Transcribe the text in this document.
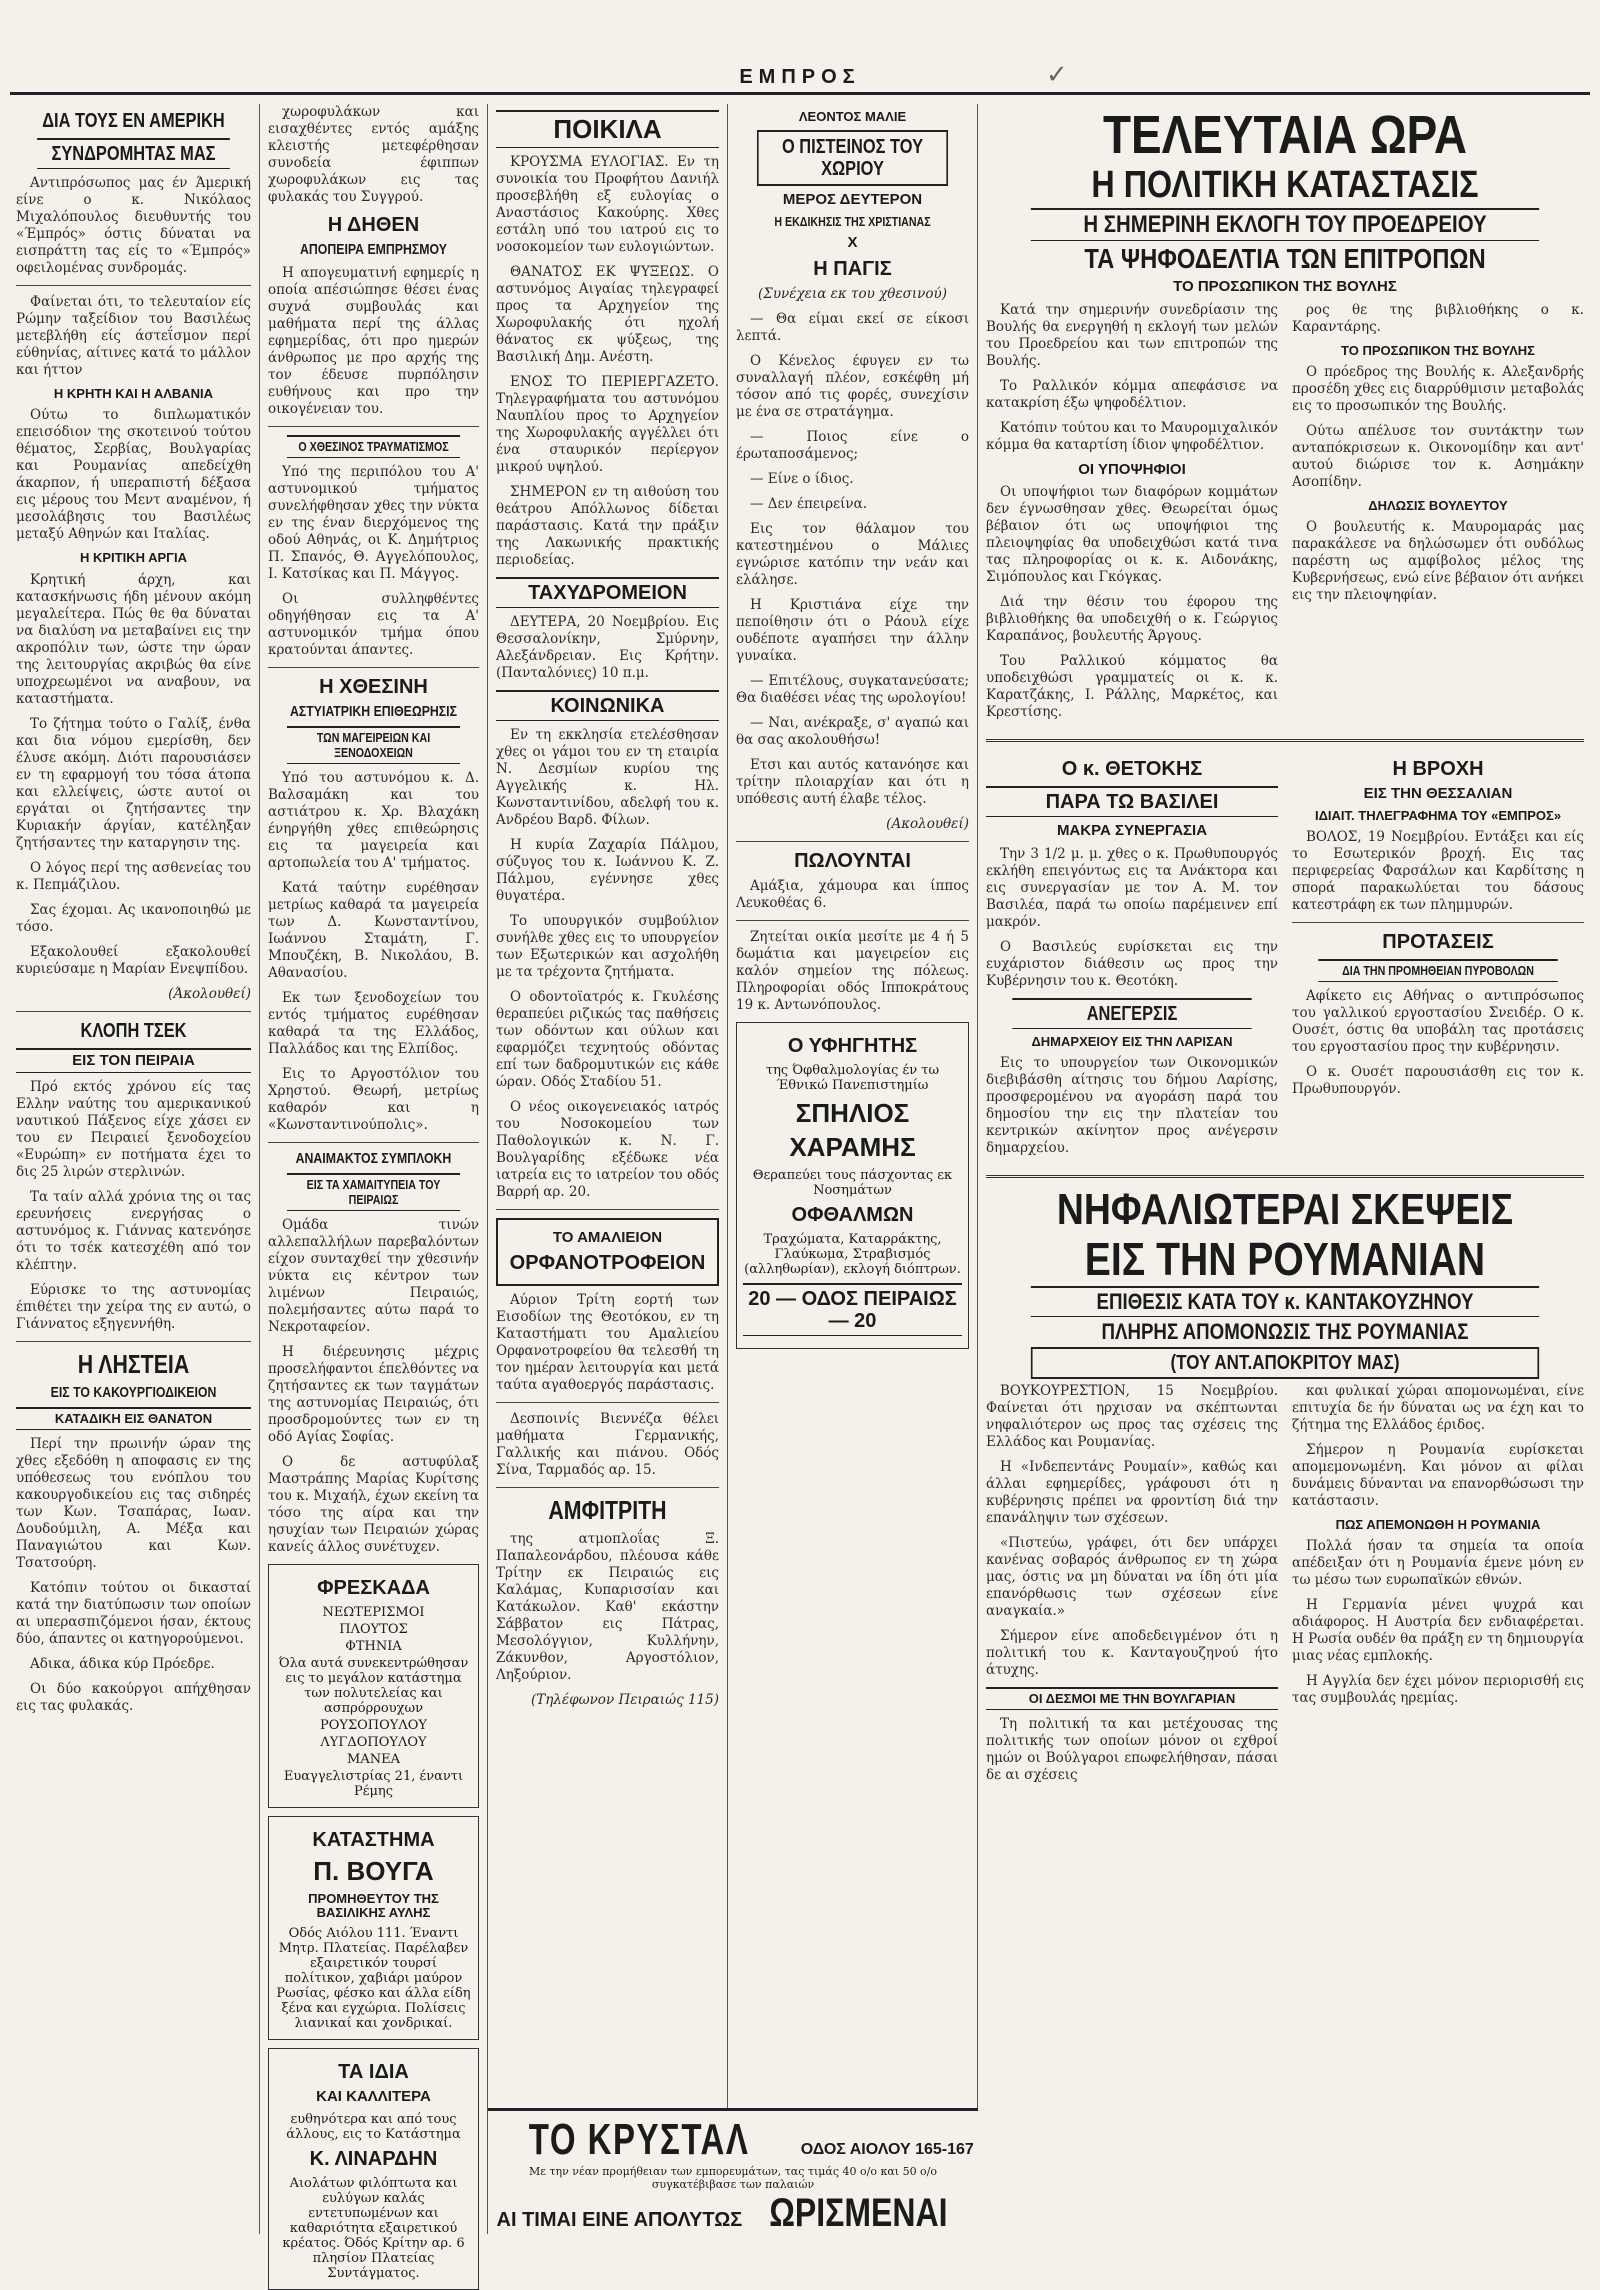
✓
ΕΜΠΡΟΣ
ΔΙΑ ΤΟΥΣ ΕΝ ΑΜΕΡΙΚΗ
ΣΥΝΔΡΟΜΗΤΑΣ ΜΑΣ

Αντιπρόσωπος μας έν Άμερική είνε ο κ. Νικόλαος Μιχαλόπουλος διευθυντής του «Έμπρός» όστις δύναται να εισπράττη τας είς το «Έμπρός» οφειλομένας συνδρομάς.

Φαίνεται ότι, το τελευταίον είς Ρώμην ταξείδιον του Βασιλέως μετεβλήθη είς άστεΐσμον περί εύθηνίας, αίτινες κατά το μάλλον και ήττον

Η ΚΡΗΤΗ ΚΑΙ Η ΑΛΒΑΝΙΑ

Ούτω το διπλωματικόν επεισόδιον της σκοτεινού τούτου θέματος, Σερβίας, Βουλγαρίας και Ρουμανίας απεδείχθη άκαρπον, ή υπεραπιστή δέξασα εις μέρους του Μεντ αναμένον, ή μεσολάβησις του Βασιλέως μεταξύ Αθηνών και Ιταλίας.

Η ΚΡΙΤΙΚΗ ΑΡΓΙΑ

Κρητική άρχη, και κατασκήνωσις ήδη μένουν ακόμη μεγαλείτερα. Πώς θε θα δύναται να διαλύση να μεταβαίνει εις την ακροπόλιν των, ώστε την ώραν της λειτουργίας ακριβώς θα είνε υποχρεωμένοι να αναβουν, να καταστήματα.

Το ζήτημα τούτο ο Γαλίξ, ένθα και δια νόμου εμερίσθη, δεν έλυσε ακόμη. Διότι παρουσιάσεν εν τη εφαρμογή του τόσα άτοπα και ελλείψεις, ώστε αυτοί οι εργάται οι ζητήσαντες την Κυριακήν άργίαν, κατέληξαν ζητήσαντες την καταργησιν της.

Ο λόγος περί της ασθενείας του κ. Πεπμάζιλου.

Σας έχομαι. Ας ικανοποιηθώ με τόσο.

Εξακολουθεί εξακολουθεί κυριεύσαμε η Μαρίαν Ενεψπίδου.

(Άκολουθεί)

ΚΛΟΠΗ ΤΣΕΚ
ΕΙΣ ΤΟΝ ΠΕΙΡΑΙΑ

Πρό εκτός χρόνου είς τας Ελλην ναύτης του αμερικανικού ναυτικού Πάξενος είχε χάσει εν του εν Πειραιεί ξενοδοχείου «Ευρώπη» εν ποτήματα έχει το δις 25 λιρών στερλινών.

Τα ταίν αλλά χρόνια της οι τας ερευνήσεις ενεργήσας ο αστυνόμος κ. Γιάννας κατενόησε ότι το τσέκ κατεσχέθη από τον κλέπτην.

Εύρισκε το της αστυνομίας έπιθέτει την χείρα της εν αυτώ, ο Γιάννατος εξηγεννήθη.

Η ΛΗΣΤΕΙΑ
ΕΙΣ ΤΟ ΚΑΚΟΥΡΓΙΟΔΙΚΕΙΟΝ
ΚΑΤΑΔΙΚΗ ΕΙΣ ΘΑΝΑΤΟΝ

Περί την πρωινήν ώραν της χθες εξεδόθη η αποφασις εν της υπόθεσεως του ενόπλου του κακουργοδικείου εις τας σιδηρές των Κων. Τσαπάρας, Ιωαν. Δουδούμιλη, Α. Μέξα και Παναγιώτου και Κων. Τσατσούρη.

Κατόπιν τούτου οι δικασταί κατά την διατύπωσιν των οποίων αι υπερασπιζόμενοι ήσαν, έκτους δύο, άπαντες οι κατηγορούμενοι.

Αδικα, άδικα κύρ Πρόεδρε.

Οι δύο κακούργοι απήχθησαν εις τας φυλακάς.

χωροφυλάκων και εισαχθέντες εντός αμάξης κλειστής μετεφέρθησαν συνοδεία έφιππων χωροφυλάκων εις τας φυλακάς του Συγγρού.

Η ΔΗΘΕΝ
ΑΠΟΠΕΙΡΑ ΕΜΠΡΗΣΜΟΥ

Η απογευματινή εφημερίς η οποία απέσιώπησε θέσει ένας συχνά συμβουλάς και μαθήματα περί της άλλας εφημερίδας, ότι προ ημερών άνθρωπος με προ αρχής της τον έδευσε πυρπόλησιν ευθήνους και προ την οικογένειαν του.

Ο ΧΘΕΣΙΝΟΣ ΤΡΑΥΜΑΤΙΣΜΟΣ

Υπό της περιπόλου του Α' αστυνομικού τμήματος συνελήφθησαν χθες την νύκτα εν της έναν διερχόμενος της οδού Αθηνάς, οι Κ. Δημήτριος Π. Σπανός, Θ. Αγγελόπουλος, Ι. Κατσίκας και Π. Μάγγος.

Οι συλληφθέντες οδηγήθησαν εις τα Α' αστυνομικόν τμήμα όπου κρατούνται άπαντες.

Η ΧΘΕΣΙΝΗ
ΑΣΤΥΙΑΤΡΙΚΗ ΕΠΙΘΕΩΡΗΣΙΣ
ΤΩΝ ΜΑΓΕΙΡΕΙΩΝ ΚΑΙ ΞΕΝΟΔΟΧΕΙΩΝ

Υπό του αστυνόμου κ. Δ. Βαλσαμάκη και του αστιάτρου κ. Χρ. Βλαχάκη ένηργήθη χθες επιθεώρησις εις τα μαγειρεία και αρτοπωλεία του Α' τμήματος.

Κατά ταύτην ευρέθησαν μετρίως καθαρά τα μαγειρεία των Δ. Κωνσταντίνου, Ιωάννου Σταμάτη, Γ. Μπουζέκη, Β. Νικολάου, Β. Αθανασίου.

Εκ των ξενοδοχείων του εντός τμήματος ευρέθησαν καθαρά τα της Ελλάδος, Παλλάδος και της Ελπίδος.

Εις το Αργοστόλιον του Χρηστού. Θεωρή, μετρίως καθαρόν και η «Κωνσταντινούπολις».

ΑΝΑΙΜΑΚΤΟΣ ΣΥΜΠΛΟΚΗ
ΕΙΣ ΤΑ ΧΑΜΑΙΤΥΠΕΙΑ ΤΟΥ ΠΕΙΡΑΙΩΣ

Ομάδα τινών αλλεπαλλήλων παρεβαλόντων είχον συνταχθεί την χθεσινήν νύκτα εις κέντρον των λιμένων Πειραιώς, πολεμήσαντες αύτω παρά το Νεκροταφείον.

Η διέρευνησις μέχρις προσελήφαντοι έπελθόντες να ζητήσαντες εκ των ταγμάτων της αστυνομίας Πειραιώς, ότι προσδρομούντες των εν τη οδό Αγίας Σοφίας.

Ο δε αστυφύλαξ Μαστράπης Μαρίας Κυρίτσης του κ. Μιχαήλ, έχων εκείνη τα τόσο της αίρα και την ησυχίαν των Πειραιών χώρας κανείς άλλος συνέτυχεν.

ΦΡΕΣΚΑΔΑ
ΝΕΩΤΕΡΙΣΜΟΙ
ΠΛΟΥΤΟΣ
ΦΤΗΝΙΑ
Όλα αυτά συνεκεντρώθησαν εις το μεγάλον κατάστημα των πολυτελείας και ασπρόρρουχων
ΡΟΥΣΟΠΟΥΛΟΥ
ΛΥΓΔΟΠΟΥΛΟΥ
ΜΑΝΕΑ
Ευαγγελιστρίας 21, έναντι Ρέμης
ΚΑΤΑΣΤΗΜΑ
Π. ΒΟΥΓΑ
ΠΡΟΜΗΘΕΥΤΟΥ ΤΗΣ ΒΑΣΙΛΙΚΗΣ ΑΥΛΗΣ
Οδός Αιόλου 111. Έναντι Μητρ. Πλατείας. Παρέλαβεν εξαιρετικόν τουρσί πολίτικον, χαβιάρι μαύρον Ρωσίας, φέσκο και άλλα είδη ξένα και εγχώρια. Πολίσεις λιανικαί και χονδρικαί.
ΤΑ ΙΔΙΑ
ΚΑΙ ΚΑΛΛΙΤΕΡΑ
ευθηνότερα και από τους άλλους, εις το Κατάστημα
Κ. ΛΙΝΑΡΔΗΝ
Αιολάτων φιλόπτωτα και ευλύγων καλάς εντετυπωμένων και καθαριότητα εξαιρετικού κρέατος. Όδός Κρίτην αρ. 6 πλησίον Πλατείας Συντάγματος.
ΠΟΙΚΙΛΑ

ΚΡΟΥΣΜΑ ΕΥΛΟΓΙΑΣ. Εν τη συνοικία του Προφήτου Δανιήλ προσεβλήθη εξ ευλογίας ο Αναστάσιος Κακούρης. Χθες εστάλη υπό του ιατρού εις το νοσοκομείον των ευλογιώντων.

ΘΑΝΑΤΟΣ ΕΚ ΨΥΞΕΩΣ. Ο αστυνόμος Αιγαίας τηλεγραφεί προς τα Αρχηγείον της Χωροφυλακής ότι ηχολή θάνατος εκ ψύξεως, της Βασιλική Δημ. Ανέστη.

ΕΝΟΣ ΤΟ ΠΕΡΙΕΡΓΑΖΕΤΟ. Τηλεγραφήματα του αστυνόμου Ναυπλίου προς το Αρχηγείον της Χωροφυλακής αγγέλλει ότι ένα σταυρικόν περίεργον μικρού υψηλού.

ΣΗΜΕΡΟΝ εν τη αιθούση του θεάτρου Απόλλωνος δίδεται παράστασις. Κατά την πράξιν της Λακωνικής πρακτικής περιοδείας.

ΤΑΧΥΔΡΟΜΕΙΟΝ

ΔΕΥΤΕΡΑ, 20 Νοεμβρίου. Εις Θεσσαλονίκην, Σμύρνην, Αλεξάνδρειαν. Εις Κρήτην. (Πανταλόνιες) 10 π.μ.

ΚΟΙΝΩΝΙΚΑ

Εν τη εκκλησία ετελέσθησαν χθες οι γάμοι του εν τη εταιρία Ν. Δεσμίων κυρίου της Αγγελικής κ. Ηλ. Κωνσταντινίδου, αδελφή του κ. Ανδρέου Βαρδ. Φίλων.

Η κυρία Ζαχαρία Πάλμου, σύζυγος του κ. Ιωάννου Κ. Ζ. Πάλμου, εγέννησε χθες θυγατέρα.

Το υπουργικόν συμβούλιον συνήλθε χθες εις το υπουργείον των Εξωτερικών και ασχολήθη με τα τρέχοντα ζητήματα.

Ο οδοντοϊατρός κ. Γκυλέσης θεραπεύει ριζικώς τας παθήσεις των οδόντων και ούλων και εφαρμόζει τεχνητούς οδόντας επί των δαδρομυτικών εις κάθε ώραν. Οδός Σταδίου 51.

Ο νέος οικογενειακός ιατρός του Νοσοκομείου των Παθολογικών κ. Ν. Γ. Βουλγαρίδης εξέδωκε νέα ιατρεία εις το ιατρείον του οδός Βαρρή αρ. 20.

ΤΟ ΑΜΑΛΙΕΙΟΝ
ΟΡΦΑΝΟΤΡΟΦΕΙΟΝ

Αύριον Τρίτη εορτή των Εισοδίων της Θεοτόκου, εν τη Καταστήματι του Αμαλιείου Ορφανοτροφείου θα τελεσθή τη τον ημέραν λειτουργία και μετά ταύτα αγαθοεργός παράστασις.

Δεσποινίς Βιεννέζα θέλει μαθήματα Γερμανικής, Γαλλικής και πιάνου. Οδός Σίνα, Ταρμαδός αρ. 15.

ΑΜΦΙΤΡΙΤΗ

της ατμοπλοΐας Ξ. Παπαλεονάρδου, πλέουσα κάθε Τρίτην εκ Πειραιώς εις Καλάμας, Κυπαρισσίαν και Κατάκωλον. Καθ' εκάστην Σάββατον εις Πάτρας, Μεσολόγγιον, Κυλλήνην, Ζάκυνθον, Αργοστόλιον, Ληξούριον.

(Τηλέφωνον Πειραιώς 115)

ΛΕΟΝΤΟΣ ΜΑΛΙΕ
Ο ΠΙΣΤΕΙΝΟΣ ΤΟΥ ΧΩΡΙΟΥ
ΜΕΡΟΣ ΔΕΥΤΕΡΟΝ
Η ΕΚΔΙΚΗΣΙΣ ΤΗΣ ΧΡΙΣΤΙΑΝΑΣ
X
Η ΠΑΓΙΣ

(Συνέχεια εκ του χθεσινού)

— Θα είμαι εκεί σε είκοσι λεπτά.

Ο Κένελος έφυγεν εν τω συναλλαγή πλέον, εσκέφθη μή τόσον από τις φορές, συνεχίσιν με ένα σε στρατάγημα.

— Ποιος είνε ο έρωταποσάμενος;

— Είνε ο ίδιος.

— Δεν έπειρείνα.

Εις τον θάλαμον του κατεστημένου ο Μάλιες εγνώρισε κατόπιν την νεάν και ελάλησε.

Η Κριστιάνα είχε την πεποίθησιν ότι ο Ράουλ είχε ουδέποτε αγαπήσει την άλλην γυναίκα.

— Επιτέλους, συγκατανεύσατε; Θα διαθέσει νέας της ωρολογίου!

— Ναι, ανέκραξε, σ' αγαπώ και θα σας ακολουθήσω!

Ετσι και αυτός κατανόησε και τρίτην πλοιαρχίαν και ότι η υπόθεσις αυτή έλαβε τέλος.

(Ακολουθεί)

ΠΩΛΟΥΝΤΑΙ

Αμάξια, χάμουρα και ίππος Λευκοθέας 6.

Ζητείται οικία μεσίτε με 4 ή 5 δωμάτια και μαγειρείον εις καλόν σημείον της πόλεως. Πληροφορίαι οδός Ιπποκράτους 19 κ. Αντωνόπουλος.

Ο ΥΦΗΓΗΤΗΣ
της Όφθαλμολογίας έν τω Έθνικώ Πανεπιστημίω
ΣΠΗΛΙΟΣ
ΧΑΡΑΜΗΣ
Θεραπεύει τους πάσχοντας εκ Νοσημάτων
ΟΦΘΑΛΜΩΝ
Τραχώματα, Καταρράκτης, Γλαύκωμα, Στραβισμός (αλληθωρίαν), εκλογή διόπτρων.
20 — ΟΔΟΣ ΠΕΙΡΑΙΩΣ — 20
ΤΕΛΕΥΤΑΙΑ ΩΡΑ
Η ΠΟΛΙΤΙΚΗ ΚΑΤΑΣΤΑΣΙΣ
Η ΣΗΜΕΡΙΝΗ ΕΚΛΟΓΗ ΤΟΥ ΠΡΟΕΔΡΕΙΟΥ
ΤΑ ΨΗΦΟΔΕΛΤΙΑ ΤΩΝ ΕΠΙΤΡΟΠΩΝ
ΤΟ ΠΡΟΣΩΠΙΚΟΝ ΤΗΣ ΒΟΥΛΗΣ

Κατά την σημερινήν συνεδρίασιν της Βουλής θα ενεργηθή η εκλογή των μελών του Προεδρείου και των επιτροπών της Βουλής.

Το Ραλλικόν κόμμα απεφάσισε να κατακρίση έξω ψηφοδέλτιον.

Κατόπιν τούτου και το Μαυρομιχαλικόν κόμμα θα καταρτίση ίδιον ψηφοδέλτιον.

ΟΙ ΥΠΟΨΗΦΙΟΙ

Οι υποψήφιοι των διαφόρων κομμάτων δεν έγνωσθησαν χθες. Θεωρείται όμως βέβαιον ότι ως υποψήφιοι της πλειοψηφίας θα υποδειχθώσι κατά τινα τας πληροφορίας οι κ. κ. Αιδονάκης, Σιμόπουλος και Γκόγκας.

Διά την θέσιν του έφορου της βιβλιοθήκης θα υποδειχθή ο κ. Γεώργιος Καραπάνος, βουλευτής Άργους.

Του Ραλλικού κόμματος θα υποδειχθώσι γραμματείς οι κ. κ. Καρατζάκης, Ι. Ράλλης, Μαρκέτος, και Κρεστίσης.

ρος θε της βιβλιοθήκης ο κ. Καραντάρης.

ΤΟ ΠΡΟΣΩΠΙΚΟΝ ΤΗΣ ΒΟΥΛΗΣ

Ο πρόεδρος της Βουλής κ. Αλεξανδρής προσέδη χθες εις διαρρύθμισιν μεταβολάς εις το προσωπικόν της Βουλής.

Ούτω απέλυσε τον συντάκτην των ανταπόκρισεων κ. Οικονομίδην και αντ' αυτού διώρισε τον κ. Ασημάκην Ασοπίδην.

ΔΗΛΩΣΙΣ ΒΟΥΛΕΥΤΟΥ

Ο βουλευτής κ. Μαυρομαράς μας παρακάλεσε να δηλώσωμεν ότι ουδόλως παρέστη ως αμφίβολος μέλος της Κυβερνήσεως, ενώ είνε βέβαιον ότι ανήκει εις την πλειοψηφίαν.

Ο κ. ΘΕΤΟΚΗΣ
ΠΑΡΑ ΤΩ ΒΑΣΙΛΕΙ
ΜΑΚΡΑ ΣΥΝΕΡΓΑΣΙΑ

Την 3 1/2 μ. μ. χθες ο κ. Πρωθυπουργός εκλήθη επειγόντως εις τα Ανάκτορα και εις συνεργασίαν με τον Α. Μ. τον Βασιλέα, παρά τω οποίω παρέμεινεν επί μακρόν.

Ο Βασιλεύς ευρίσκεται εις την ευχάριστον διάθεσιν ως προς την Κυβέρνησιν του κ. Θεοτόκη.

ΑΝΕΓΕΡΣΙΣ
ΔΗΜΑΡΧΕΙΟΥ ΕΙΣ ΤΗΝ ΛΑΡΙΣΑΝ

Εις το υπουργείον των Οικονομικών διεβιβάσθη αίτησις του δήμου Λαρίσης, προσφερομένου να αγοράση παρά του δημοσίου την εις την πλατείαν του κεντρικών ακίνητον προς ανέγερσιν δημαρχείου.

Η ΒΡΟΧΗ
ΕΙΣ ΤΗΝ ΘΕΣΣΑΛΙΑΝ
ΙΔΙΑΙΤ. ΤΗΛΕΓΡΑΦΗΜΑ ΤΟΥ «ΕΜΠΡΟΣ»

ΒΟΛΟΣ, 19 Νοεμβρίου. Εντάξει και είς το Εσωτερικόν βροχή. Εις τας περιφερείας Φαρσάλων και Καρδίτσης η σπορά παρακωλύεται του δάσους κατεστράφη εκ των πλημμυρών.

ΠΡΟΤΑΣΕΙΣ
ΔΙΑ ΤΗΝ ΠΡΟΜΗΘΕΙΑΝ ΠΥΡΟΒΟΛΩΝ

Αφίκετο εις Αθήνας ο αντιπρόσωπος του γαλλικού εργοστασίου Σνειδέρ. Ο κ. Ουσέτ, όστις θα υποβάλη τας προτάσεις του εργοστασίου προς την κυβέρνησιν.

Ο κ. Ουσέτ παρουσιάσθη εις τον κ. Πρωθυπουργόν.

ΝΗΦΑΛΙΩΤΕΡΑΙ ΣΚΕΨΕΙΣ
ΕΙΣ ΤΗΝ ΡΟΥΜΑΝΙΑΝ
ΕΠΙΘΕΣΙΣ ΚΑΤΑ ΤΟΥ κ. ΚΑΝΤΑΚΟΥΖΗΝΟΥ
ΠΛΗΡΗΣ ΑΠΟΜΟΝΩΣΙΣ ΤΗΣ ΡΟΥΜΑΝΙΑΣ
(ΤΟΥ ΑΝΤ.ΑΠΟΚΡΙΤΟΥ ΜΑΣ)

ΒΟΥΚΟΥΡΕΣΤΙΟΝ, 15 Νοεμβρίου. Φαίνεται ότι ηρχισαν να σκέπτωνται νηφαλιότερον ως προς τας σχέσεις της Ελλάδος και Ρουμανίας.

Η «Ινδεπεντάνς Ρουμαίν», καθώς και άλλαι εφημερίδες, γράφουσι ότι η κυβέρνησις πρέπει να φροντίση διά την επανάληψιν των σχέσεων.

«Πιστεύω, γράφει, ότι δεν υπάρχει κανένας σοβαρός άνθρωπος εν τη χώρα μας, όστις να μη δύναται να ίδη ότι μία επανόρθωσις των σχέσεων είνε αναγκαία.»

Σήμερον είνε αποδεδειγμένον ότι η πολιτική του κ. Κανταγουζηνού ήτο άτυχης.

ΟΙ ΔΕΣΜΟΙ ΜΕ ΤΗΝ ΒΟΥΛΓΑΡΙΑΝ

Τη πολιτική τα και μετέχουσας της πολιτικής των οποίων μόνον οι εχθροί ημών οι Βούλγαροι επωφελήθησαν, πάσαι δε αι σχέσεις

και φυλικαί χώραι απομονωμέναι, είνε επιτυχία δε ήν δύναται ως να έχη και το ζήτημα της Ελλάδος έριδος.

Σήμερον η Ρουμανία ευρίσκεται απομεμονωμένη. Και μόνον αι φίλαι δυνάμεις δύνανται να επανορθώσωσι την κατάστασιν.

ΠΩΣ ΑΠΕΜΟΝΩΘΗ Η ΡΟΥΜΑΝΙΑ

Πολλά ήσαν τα σημεία τα οποία απέδειξαν ότι η Ρουμανία έμενε μόνη εν τω μέσω των ευρωπαϊκών εθνών.

Η Γερμανία μένει ψυχρά και αδιάφορος. Η Αυστρία δεν ενδιαφέρεται. Η Ρωσία ουδέν θα πράξη εν τη δημιουργία μιας νέας εμπλοκής.

Η Αγγλία δεν έχει μόνον περιορισθή εις τας συμβουλάς ηρεμίας.

ΤΟ ΚΡΥΣΤΑΛ	ΟΔΟΣ ΑΙΟΛΟΥ 165-167
Με την νέαν προμήθειαν των εμπορευμάτων, τας τιμάς 40 ο/ο και 50 ο/ο συγκατέβιβασε των παλαιών
ΑΙ ΤΙΜΑΙ ΕΙΝΕ ΑΠΟΛΥΤΩΣ ΩΡΙΣΜΕΝΑΙ
